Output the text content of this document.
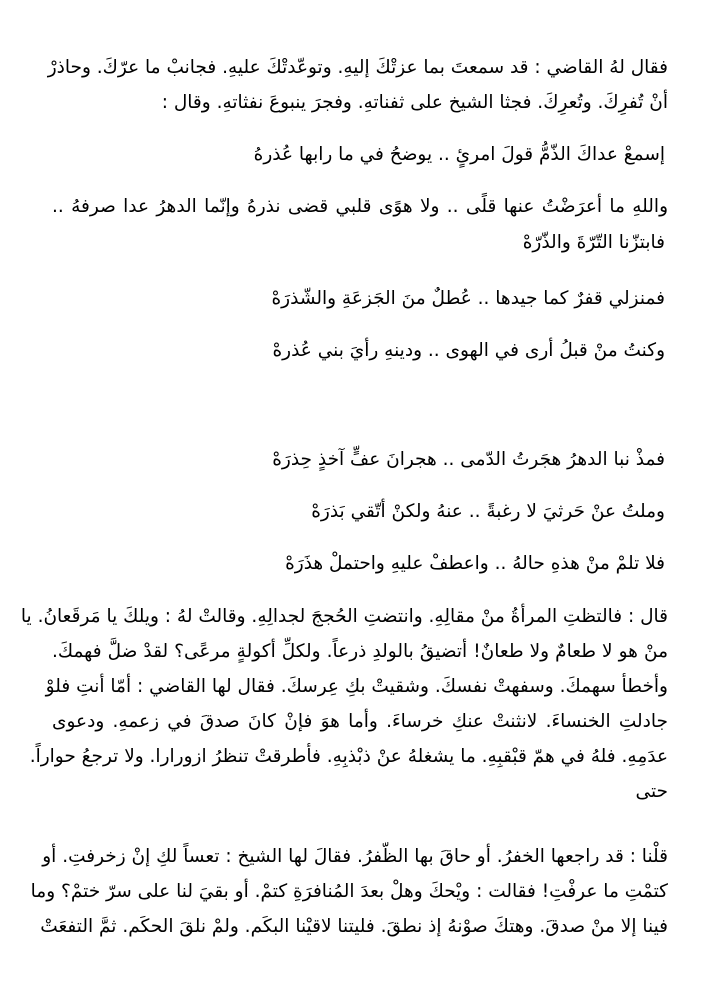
فقال لهُ القاضي : قد سمعتَ بما عزتْكَ إليهِ. وتوعّدتْكَ عليهِ. فجانبْ ما عرّكَ. وحاذرْ

أنْ تُفرِكَ. وتُعرِكَ. فجثا الشيخ على ثفناتهِ. وفجرَ ينبوعَ نفثاتهِ. وقال :

إسمعْ عداكَ الذّمُّ قولَ امرئٍ .. يوضحُ في ما رابها عُذرهُ

واللهِ ما أعرَضْتُ عنها قلًى .. ولا هوًى قلبي قضى نذرهُ وإنّما الدهرُ عدا صرفهُ ..

فابتزّنا التّرّةَ والذّرّهْ

فمنزلي قفرٌ كما جيدها .. عُطلٌ منَ الجَزعَةِ والشّذرَهْ

وكنتُ منْ قبلُ أرى في الهوى .. ودينهِ رأيَ بني عُذرهْ

فمذْ نبا الدهرُ هجَرتُ الدّمى .. هجرانَ عفٍّ آخذٍ حِذرَهْ

وملتُ عنْ حَرثيَ لا رغبةً .. عنهُ ولكنْ أتّقي بَذرَهْ

فلا تلمْ منْ هذهِ حالهُ .. واعطفْ عليهِ واحتملْ هذَرَهْ

قال : فالتظتِ المرأةُ منْ مقالِهِ. وانتضتِ الحُججَ لجدالِهِ. وقالتْ لهُ : ويلكَ يا مَرقَعانُ. يا

منْ هو لا طعامٌ ولا طعانٌ! أتضيقُ بالولدِ ذرعاً. ولكلِّ أكولةٍ مرعًى؟ لقدْ ضلَّ فهمكَ.

وأخطأ سهمكَ. وسفهتْ نفسكَ. وشقيتْ بكِ عِرسكَ. فقال لها القاضي : أمّا أنتِ فلوْ

جادلتِ الخنساءَ. لانثنتْ عنكِ خرساءَ. وأما هوَ فإنْ كانَ صدقَ في زعمهِ. ودعوى

عدَمِهِ. فلهُ في همّ قبْقبِهِ. ما يشغلهُ عنْ ذبْذبِهِ. فأطرقتْ تنظرُ ازورارا. ولا ترجعُ حواراً.

حتى

قلْنا : قد راجعها الخفرُ. أو حاقَ بها الظّفرُ. فقالَ لها الشيخ : تعساً لكِ إنْ زخرفتِ. أو

كتمْتِ ما عرفْتِ! فقالت : ويْحكَ وهلْ بعدَ المُنافرَةِ كتمْ. أو بقيَ لنا على سرّ ختمْ؟ وما

فينا إلا منْ صدقَ. وهتكَ صوْنهُ إذ نطقَ. فليتنا لاقيْنا البكَم. ولمْ نلقَ الحكَم. ثمَّ التفعَتْ
